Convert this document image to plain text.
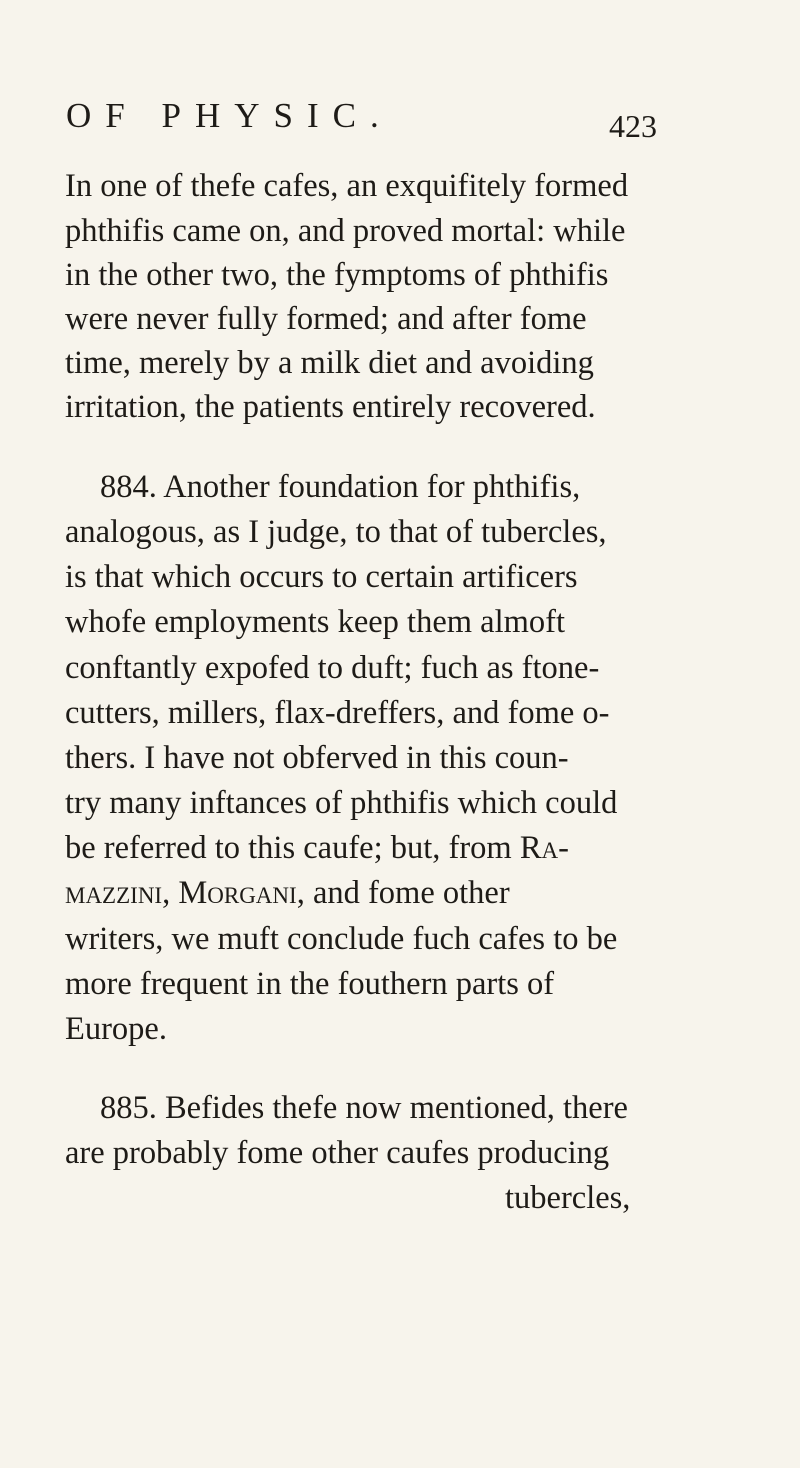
OF PHYSIC.	423

In one of thefe cafes, an exquifitely formed

phthifis came on, and proved mortal: while

in the other two, the fymptoms of phthifis

were never fully formed; and after fome

time, merely by a milk diet and avoiding

irritation, the patients entirely recovered.

884. Another foundation for phthifis,

analogous, as I judge, to that of tubercles,

is that which occurs to certain artificers

whofe employments keep them almoft

conftantly expofed to duft; fuch as ftone-

cutters, millers, flax-dreffers, and fome o-

thers. I have not obferved in this coun-

try many inftances of phthifis which could

be referred to this caufe; but, from Ra-

mazzini, Morgani, and fome other

writers, we muft conclude fuch cafes to be

more frequent in the fouthern parts of

Europe.

885. Befides thefe now mentioned, there

are probably fome other caufes producing

tubercles,
